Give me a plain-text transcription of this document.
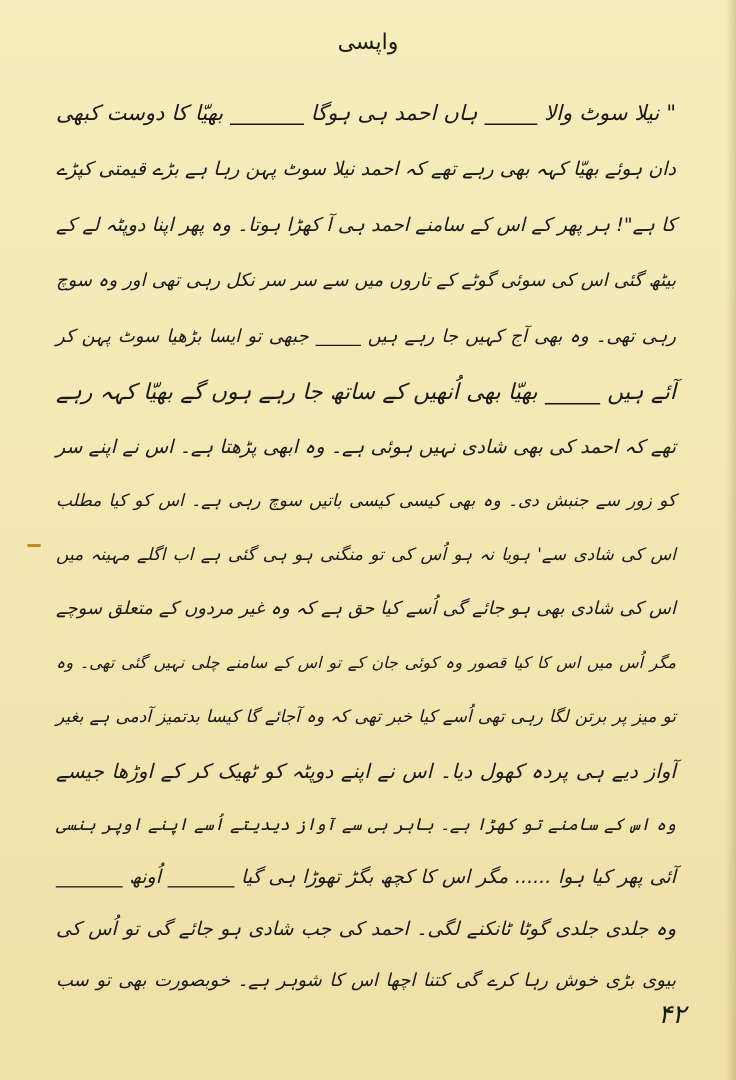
واپسی
" نیلا سوٹ والا _____ ہاں احمد ہی ہوگا _______ بھیّا کا دوست کبھی
دان ہوئے بھیّا کہہ بھی رہے تھے کہ احمد نیلا سوٹ پہن رہا ہے بڑے قیمتی کپڑے
کا ہے"! ہر پھر کے اس کے سامنے احمد ہی آ کھڑا ہوتا۔ وہ پھر اپنا دوپٹہ لے کے
بیٹھ گئی اس کی سوئی گوٹے کے تاروں میں سے سر سر نکل رہی تھی اور وہ سوچ
رہی تھی۔ وہ بھی آج کہیں جا رہے ہیں _____ جبھی تو ایسا بڑھیا سوٹ پہن کر
آئے ہیں _____ بھیّا بھی اُنھیں کے ساتھ جا رہے ہوں گے بھیّا کہہ رہے
تھے کہ احمد کی بھی شادی نہیں ہوئی ہے۔ وہ ابھی پڑھتا ہے۔ اس نے اپنے سر
کو زور سے جنبش دی۔ وہ بھی کیسی کیسی باتیں سوچ رہی ہے۔ اس کو کیا مطلب
اس کی شادی سے' ہویا نہ ہو اُس کی تو منگنی ہو ہی گئی ہے اب اگلے مہینہ میں
اس کی شادی بھی ہو جائے گی اُسے کیا حق ہے کہ وہ غیر مردوں کے متعلق سوچے
مگر اُس میں اس کا کیا قصور وہ کوئی جان کے تو اس کے سامنے چلی نہیں گئی تھی۔ وہ
تو میز پر برتن لگا رہی تھی اُسے کیا خبر تھی کہ وہ آجائے گا کیسا بدتمیز آدمی ہے بغیر
آواز دیے ہی پردہ کھول دیا۔ اس نے اپنے دوپٹہ کو ٹھیک کر کے اوڑھا جیسے
وہ اس کے سامنے تو کھڑا ہے۔ باہر ہی سے آواز دیدیتے اُسے اپنے اوپر ہنسی
آئی پھر کیا ہوا ...... مگر اس کا کچھ بگڑ تھوڑا ہی گیا _______ اُونھ _______
وہ جلدی جلدی گوٹا ٹانکنے لگی۔ احمد کی جب شادی ہو جائے گی تو اُس کی
بیوی بڑی خوش رہا کرے گی کتنا اچھا اس کا شوہر ہے۔ خوبصورت بھی تو سب
۴۲
